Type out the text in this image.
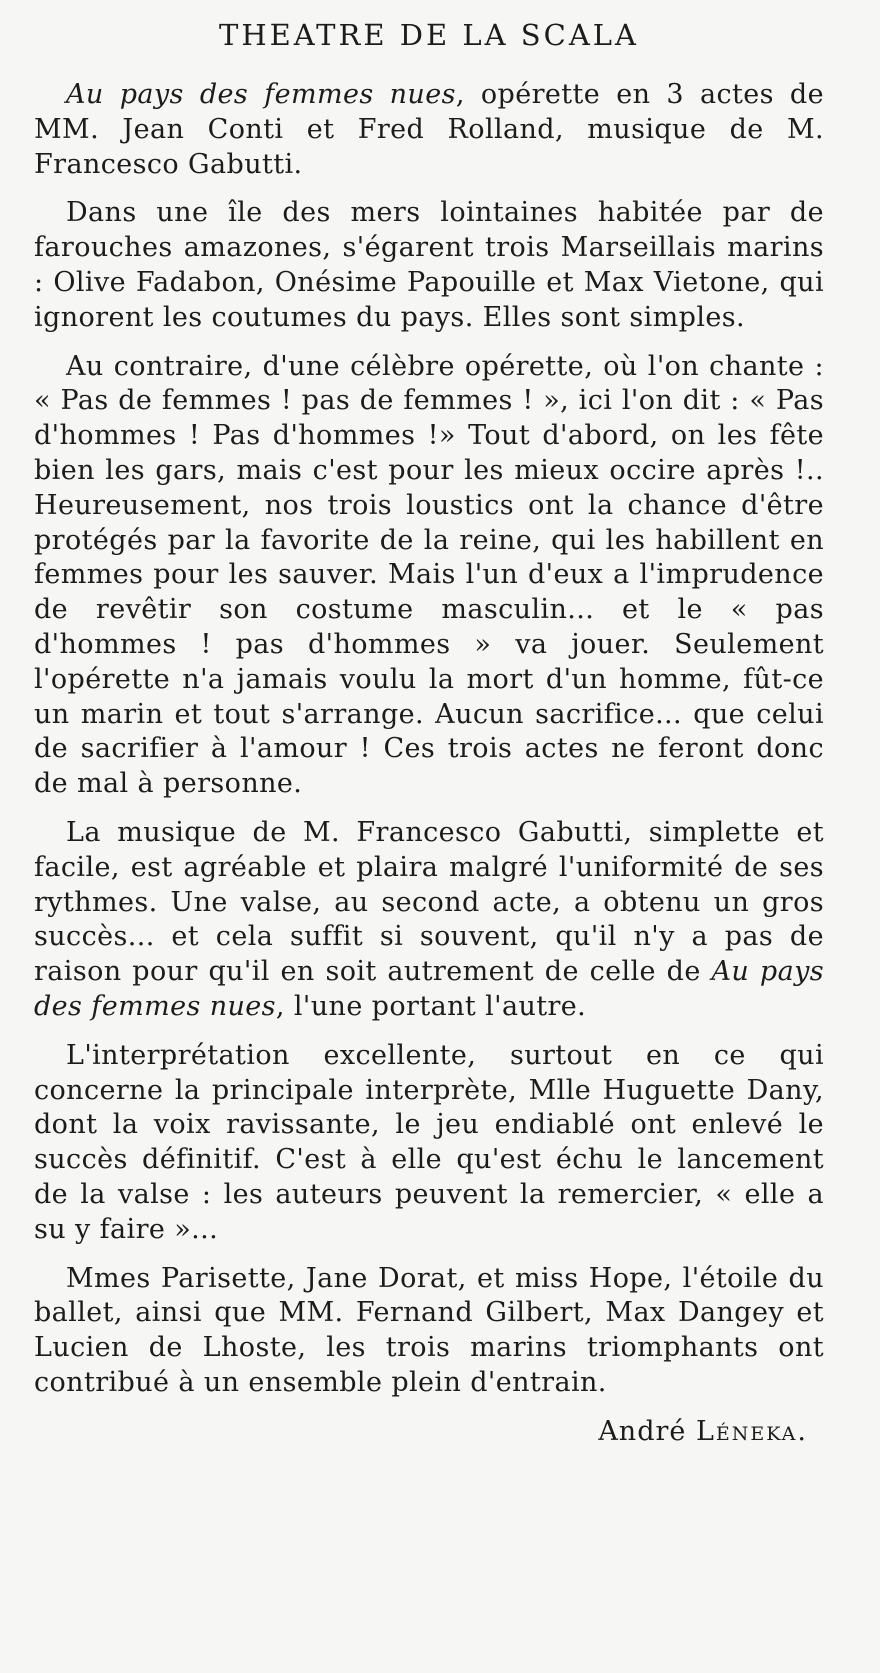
THEATRE DE LA SCALA

Au pays des femmes nues, opérette en 3 actes de MM. Jean Conti et Fred Rolland, musique de M. Francesco Gabutti.

Dans une île des mers lointaines habitée par de farouches amazones, s'égarent trois Marseillais marins : Olive Fadabon, Onésime Papouille et Max Vietone, qui ignorent les coutumes du pays. Elles sont simples.

Au contraire, d'une célèbre opérette, où l'on chante : « Pas de femmes ! pas de femmes ! », ici l'on dit : « Pas d'hommes ! Pas d'hommes !» Tout d'abord, on les fête bien les gars, mais c'est pour les mieux occire après !.. Heureusement, nos trois loustics ont la chance d'être protégés par la favorite de la reine, qui les habillent en femmes pour les sauver. Mais l'un d'eux a l'imprudence de revêtir son costume masculin... et le « pas d'hommes ! pas d'hommes » va jouer. Seulement l'opérette n'a jamais voulu la mort d'un homme, fût-ce un marin et tout s'arrange. Aucun sacrifice... que celui de sacrifier à l'amour ! Ces trois actes ne feront donc de mal à personne.

La musique de M. Francesco Gabutti, simplette et facile, est agréable et plaira malgré l'uniformité de ses rythmes. Une valse, au second acte, a obtenu un gros succès... et cela suffit si souvent, qu'il n'y a pas de raison pour qu'il en soit autrement de celle de Au pays des femmes nues, l'une portant l'autre.

L'interprétation excellente, surtout en ce qui concerne la principale interprète, Mlle Huguette Dany, dont la voix ravissante, le jeu endiablé ont enlevé le succès définitif. C'est à elle qu'est échu le lancement de la valse : les auteurs peuvent la remercier, « elle a su y faire »...

Mmes Parisette, Jane Dorat, et miss Hope, l'étoile du ballet, ainsi que MM. Fernand Gilbert, Max Dangey et Lucien de Lhoste, les trois marins triomphants ont contribué à un ensemble plein d'entrain.

André Léneka.
